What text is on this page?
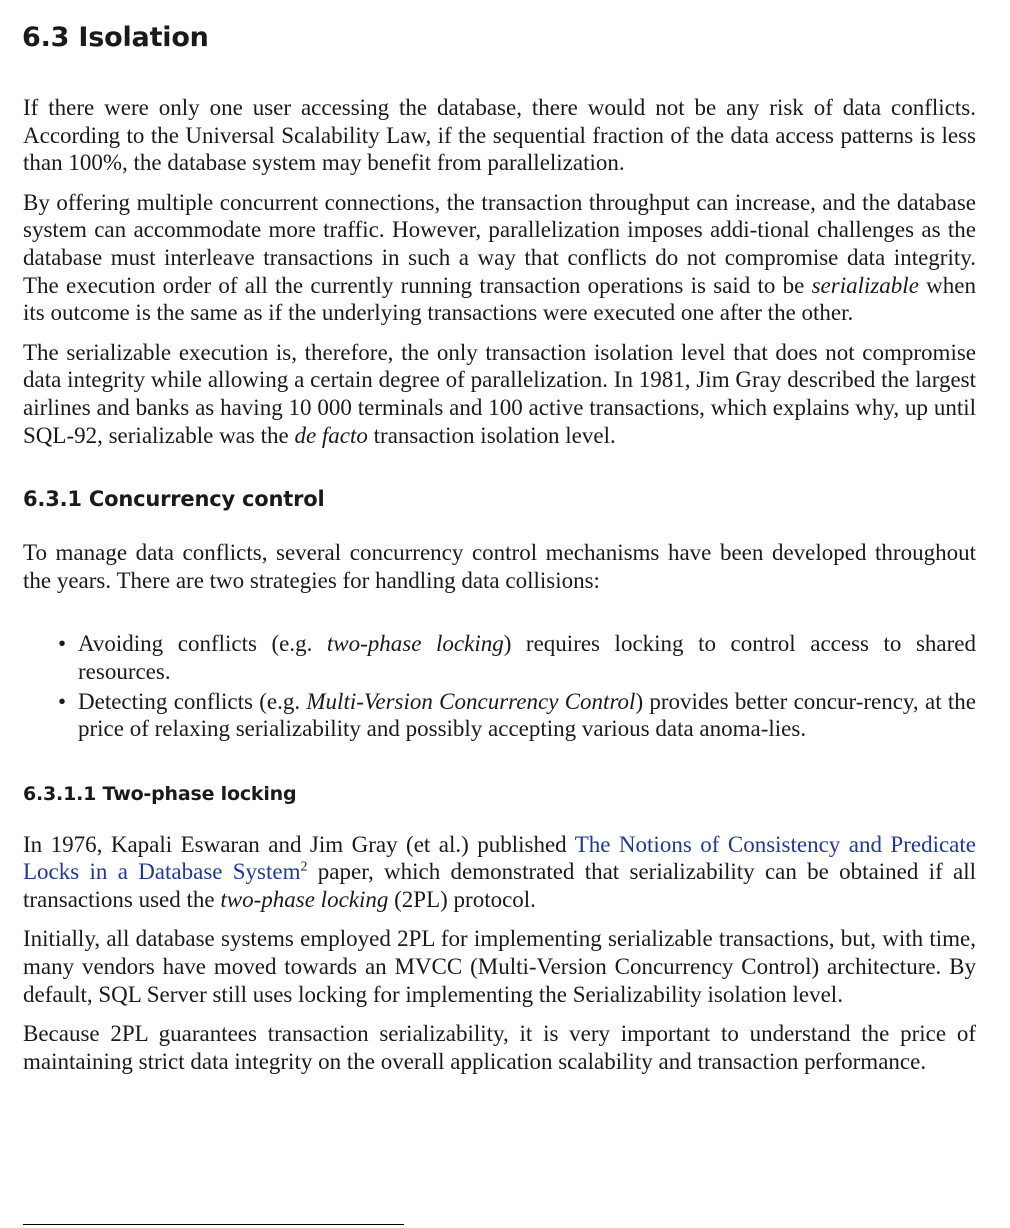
6.3 Isolation

If there were only one user accessing the database, there would not be any risk of data conflicts. According to the Universal Scalability Law, if the sequential fraction of the data access patterns is less than 100%, the database system may benefit from parallelization.

By offering multiple concurrent connections, the transaction throughput can increase, and the database system can accommodate more traffic. However, parallelization imposes addi-tional challenges as the database must interleave transactions in such a way that conflicts do not compromise data integrity. The execution order of all the currently running transaction operations is said to be serializable when its outcome is the same as if the underlying transactions were executed one after the other.

The serializable execution is, therefore, the only transaction isolation level that does not compromise data integrity while allowing a certain degree of parallelization. In 1981, Jim Gray described the largest airlines and banks as having 10 000 terminals and 100 active transactions, which explains why, up until SQL-92, serializable was the de facto transaction isolation level.

6.3.1 Concurrency control

To manage data conflicts, several concurrency control mechanisms have been developed throughout the years. There are two strategies for handling data collisions:

• Avoiding conflicts (e.g. two-phase locking) requires locking to control access to shared resources.
• Detecting conflicts (e.g. Multi-Version Concurrency Control) provides better concur-rency, at the price of relaxing serializability and possibly accepting various data anoma-lies.
6.3.1.1 Two-phase locking

In 1976, Kapali Eswaran and Jim Gray (et al.) published The Notions of Consistency and Predicate Locks in a Database System$^2$ paper, which demonstrated that serializability can be obtained if all transactions used the two-phase locking (2PL) protocol.

Initially, all database systems employed 2PL for implementing serializable transactions, but, with time, many vendors have moved towards an MVCC (Multi-Version Concurrency Control) architecture. By default, SQL Server still uses locking for implementing the Serializability isolation level.

Because 2PL guarantees transaction serializability, it is very important to understand the price of maintaining strict data integrity on the overall application scalability and transaction performance.
